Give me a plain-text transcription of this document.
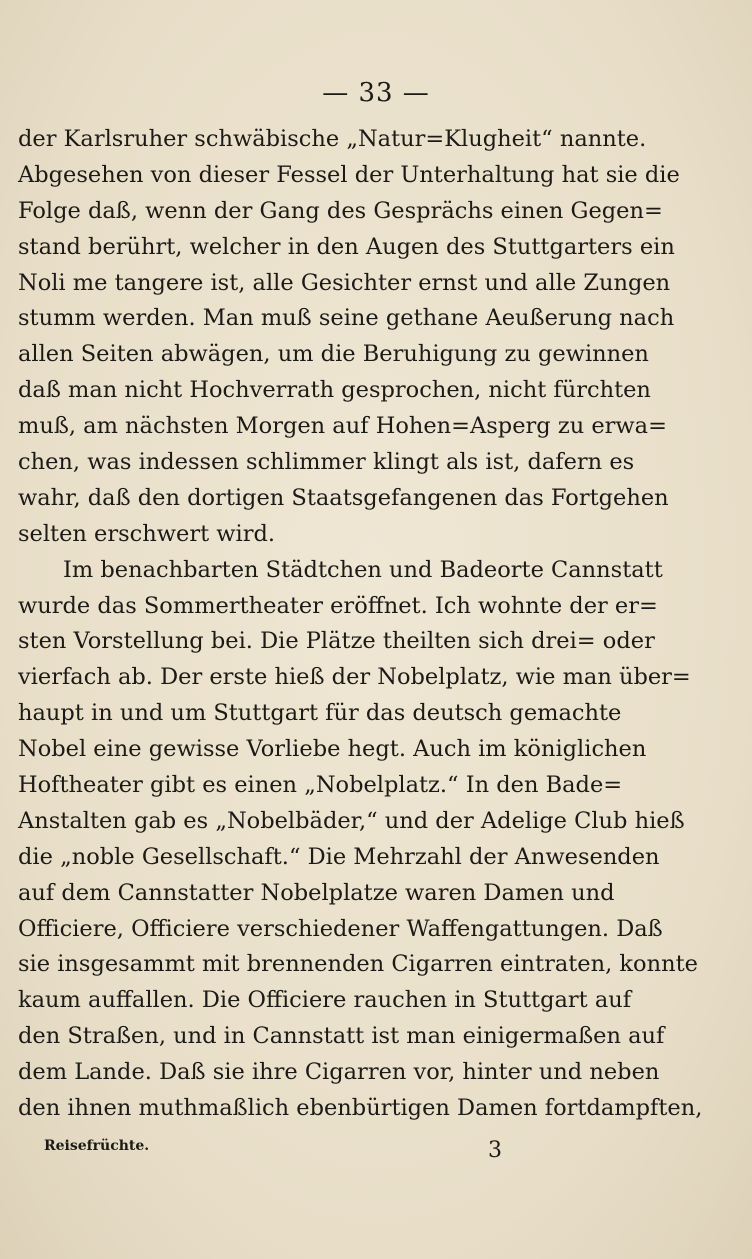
— 33 —
der Karlsruher schwäbische „Natur=Klugheit“ nannte.
Abgesehen von dieser Fessel der Unterhaltung hat sie die
Folge daß, wenn der Gang des Gesprächs einen Gegen=
stand berührt, welcher in den Augen des Stuttgarters ein
Noli me tangere ist, alle Gesichter ernst und alle Zungen
stumm werden. Man muß seine gethane Aeußerung nach
allen Seiten abwägen, um die Beruhigung zu gewinnen
daß man nicht Hochverrath gesprochen, nicht fürchten
muß, am nächsten Morgen auf Hohen=Asperg zu erwa=
chen, was indessen schlimmer klingt als ist, dafern es
wahr, daß den dortigen Staatsgefangenen das Fortgehen
selten erschwert wird.
Im benachbarten Städtchen und Badeorte Cannstatt
wurde das Sommertheater eröffnet. Ich wohnte der er=
sten Vorstellung bei. Die Plätze theilten sich drei= oder
vierfach ab. Der erste hieß der Nobelplatz, wie man über=
haupt in und um Stuttgart für das deutsch gemachte
Nobel eine gewisse Vorliebe hegt. Auch im königlichen
Hoftheater gibt es einen „Nobelplatz.“ In den Bade=
Anstalten gab es „Nobelbäder,“ und der Adelige Club hieß
die „noble Gesellschaft.“ Die Mehrzahl der Anwesenden
auf dem Cannstatter Nobelplatze waren Damen und
Officiere, Officiere verschiedener Waffengattungen. Daß
sie insgesammt mit brennenden Cigarren eintraten, konnte
kaum auffallen. Die Officiere rauchen in Stuttgart auf
den Straßen, und in Cannstatt ist man einigermaßen auf
dem Lande. Daß sie ihre Cigarren vor, hinter und neben
den ihnen muthmaßlich ebenbürtigen Damen fortdampften,
Reisefrüchte.	3
